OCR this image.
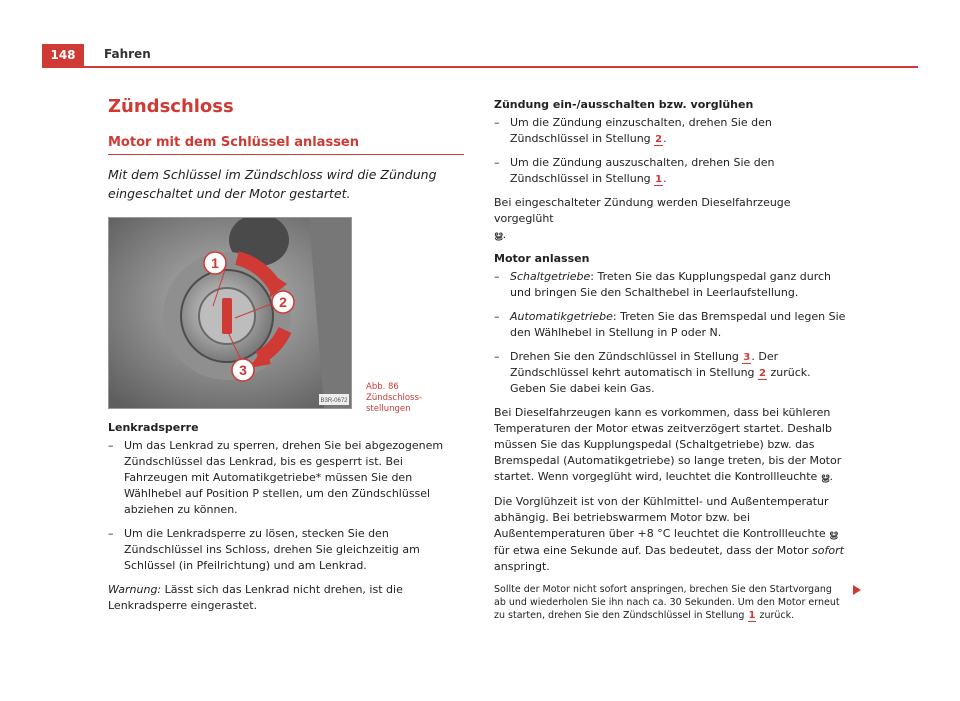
148	Fahren
Zündschloss
Motor mit dem Schlüssel anlassen

Mit dem Schlüssel im Zündschloss wird die Zündung eingeschaltet und der Motor gestartet.

1
2
3
B3R-0672
Abb. 86
Zündschloss-stellungen

Lenkradsperre

– Um das Lenkrad zu sperren, drehen Sie bei abgezogenem Zündschlüssel das Lenkrad, bis es gesperrt ist. Bei Fahrzeugen mit Automatikgetriebe* müssen Sie den Wählhebel auf Position P stellen, um den Zündschlüssel abziehen zu können.
– Um die Lenkradsperre zu lösen, stecken Sie den Zündschlüssel ins Schloss, drehen Sie gleichzeitig am Schlüssel (in Pfeilrichtung) und am Lenkrad.

Warnung: Lässt sich das Lenkrad nicht drehen, ist die Lenkradsperre eingerastet.

Zündung ein-/ausschalten bzw. vorglühen

– Um die Zündung einzuschalten, drehen Sie den Zündschlüssel in Stellung 2.
– Um die Zündung auszuschalten, drehen Sie den Zündschlüssel in Stellung 1.

Bei eingeschalteter Zündung werden Dieselfahrzeuge vorgeglüht
ൠ.

Motor anlassen

– Schaltgetriebe: Treten Sie das Kupplungspedal ganz durch und bringen Sie den Schalthebel in Leerlaufstellung.
– Automatikgetriebe: Treten Sie das Bremspedal und legen Sie den Wählhebel in Stellung in P oder N.
– Drehen Sie den Zündschlüssel in Stellung 3. Der Zündschlüssel kehrt automatisch in Stellung 2 zurück. Geben Sie dabei kein Gas.

Bei Dieselfahrzeugen kann es vorkommen, dass bei kühleren Temperaturen der Motor etwas zeitverzögert startet. Deshalb müssen Sie das Kupplungspedal (Schaltgetriebe) bzw. das Bremspedal (Automatikgetriebe) so lange treten, bis der Motor startet. Wenn vorgeglüht wird, leuchtet die Kontrollleuchte ൠ.

Die Vorglühzeit ist von der Kühlmittel- und Außentemperatur abhängig. Bei betriebswarmem Motor bzw. bei Außentemperaturen über +8 °C leuchtet die Kontrollleuchte ൠ für etwa eine Sekunde auf. Das bedeutet, dass der Motor sofort anspringt.

Sollte der Motor nicht sofort anspringen, brechen Sie den Startvorgang ab und wiederholen Sie ihn nach ca. 30 Sekunden. Um den Motor erneut zu starten, drehen Sie den Zündschlüssel in Stellung 1 zurück.
